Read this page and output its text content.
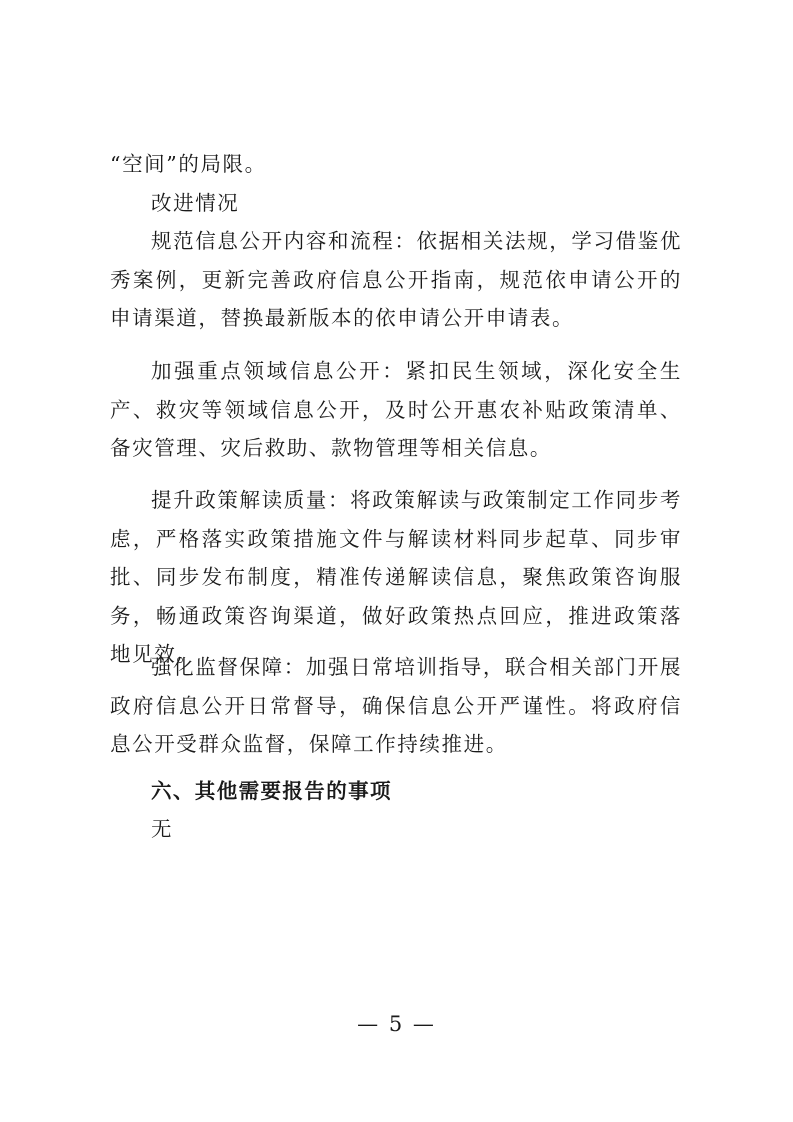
“空间”的局限。

改进情况

规范信息公开内容和流程：依据相关法规，学习借鉴优秀案例，更新完善政府信息公开指南，规范依申请公开的申请渠道，替换最新版本的依申请公开申请表。

加强重点领域信息公开：紧扣民生领域，深化安全生产、救灾等领域信息公开，及时公开惠农补贴政策清单、备灾管理、灾后救助、款物管理等相关信息。

提升政策解读质量：将政策解读与政策制定工作同步考虑，严格落实政策措施文件与解读材料同步起草、同步审批、同步发布制度，精准传递解读信息，聚焦政策咨询服务，畅通政策咨询渠道，做好政策热点回应，推进政策落地见效。

强化监督保障：加强日常培训指导，联合相关部门开展政府信息公开日常督导，确保信息公开严谨性。将政府信息公开受群众监督，保障工作持续推进。

六、其他需要报告的事项

无

— 5 —
